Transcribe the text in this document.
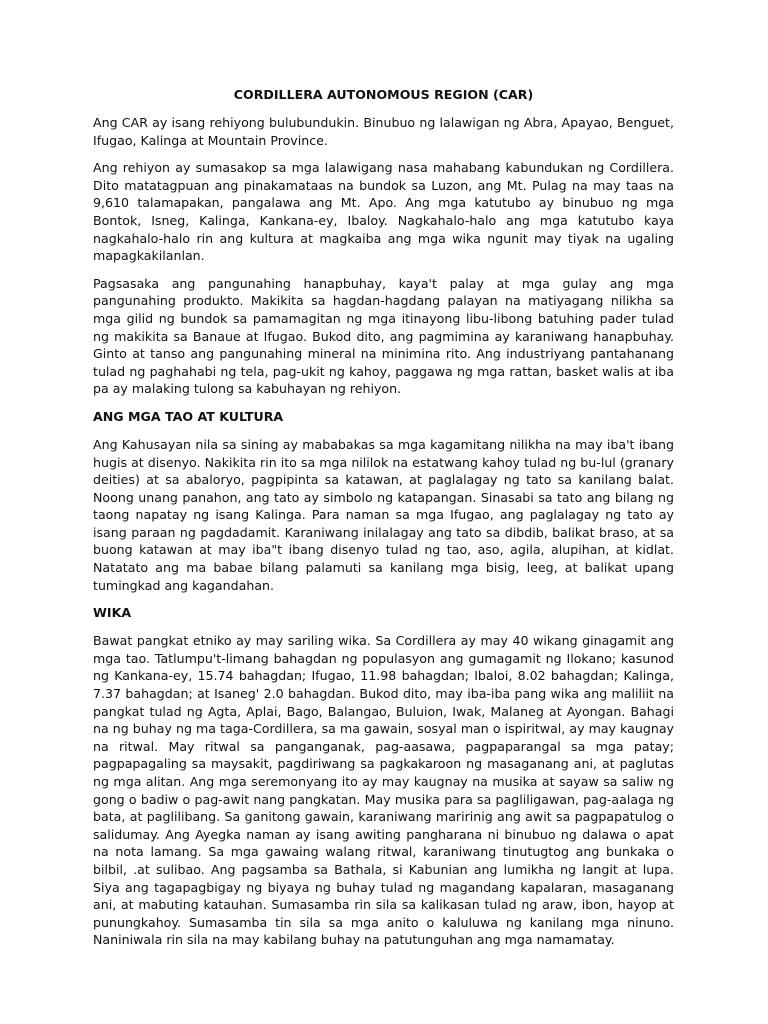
CORDILLERA AUTONOMOUS REGION (CAR)

Ang CAR ay isang rehiyong bulubundukin. Binubuo ng lalawigan ng Abra, Apayao, Benguet, Ifugao, Kalinga at Mountain Province.

Ang rehiyon ay sumasakop sa mga lalawigang nasa mahabang kabundukan ng Cordillera. Dito matatagpuan ang pinakamataas na bundok sa Luzon, ang Mt. Pulag na may taas na 9,610 talamapakan, pangalawa ang Mt. Apo. Ang mga katutubo ay binubuo ng mga Bontok, Isneg, Kalinga, Kankana-ey, Ibaloy. Nagkahalo-halo ang mga katutubo kaya nagkahalo-halo rin ang kultura at magkaiba ang mga wika ngunit may tiyak na ugaling mapagkakilanlan.

Pagsasaka ang pangunahing hanapbuhay, kaya't palay at mga gulay ang mga pangunahing produkto. Makikita sa hagdan-hagdang palayan na matiyagang nilikha sa mga gilid ng bundok sa pamamagitan ng mga itinayong libu-libong batuhing pader tulad ng makikita sa Banaue at Ifugao. Bukod dito, ang pagmimina ay karaniwang hanapbuhay. Ginto at tanso ang pangunahing mineral na minimina rito. Ang industriyang pantahanang tulad ng paghahabi ng tela, pag-ukit ng kahoy, paggawa ng mga rattan, basket walis at iba pa ay malaking tulong sa kabuhayan ng rehiyon.

ANG MGA TAO AT KULTURA

Ang Kahusayan nila sa sining ay mababakas sa mga kagamitang nilikha na may iba't ibang hugis at disenyo. Nakikita rin ito sa mga nililok na estatwang kahoy tulad ng bu-lul (granary deities) at sa abaloryo, pagpipinta sa katawan, at paglalagay ng tato sa kanilang balat. Noong unang panahon, ang tato ay simbolo ng katapangan. Sinasabi sa tato ang bilang ng taong napatay ng isang Kalinga. Para naman sa mga Ifugao, ang paglalagay ng tato ay isang paraan ng pagdadamit. Karaniwang inilalagay ang tato sa dibdib, balikat braso, at sa buong katawan at may iba"t ibang disenyo tulad ng tao, aso, agila, alupihan, at kidlat. Natatato ang ma babae bilang palamuti sa kanilang mga bisig, leeg, at balikat upang tumingkad ang kagandahan.

WIKA

Bawat pangkat etniko ay may sariling wika. Sa Cordillera ay may 40 wikang ginagamit ang mga tao. Tatlumpu't-limang bahagdan ng populasyon ang gumagamit ng Ilokano; kasunod ng Kankana-ey, 15.74 bahagdan; Ifugao, 11.98 bahagdan; Ibaloi, 8.02 bahagdan; Kalinga, 7.37 bahagdan; at Isaneg' 2.0 bahagdan. Bukod dito, may iba-iba pang wika ang maliliit na pangkat tulad ng Agta, Aplai, Bago, Balangao, Buluion, Iwak, Malaneg at Ayongan. Bahagi na ng buhay ng ma taga-Cordillera, sa ma gawain, sosyal man o ispiritwal, ay may kaugnay na ritwal. May ritwal sa panganganak, pag-aasawa, pagpaparangal sa mga patay; pagpapagaling sa maysakit, pagdiriwang sa pagkakaroon ng masaganang ani, at paglutas ng mga alitan. Ang mga seremonyang ito ay may kaugnay na musika at sayaw sa saliw ng gong o badiw o pag-awit nang pangkatan. May musika para sa pagliligawan, pag-aalaga ng bata, at paglilibang. Sa ganitong gawain, karaniwang maririnig ang awit sa pagpapatulog o salidumay. Ang Ayegka naman ay isang awiting pangharana ni binubuo ng dalawa o apat na nota lamang. Sa mga gawaing walang ritwal, karaniwang tinutugtog ang bunkaka o bilbil, .at sulibao. Ang pagsamba sa Bathala, si Kabunian ang lumikha ng langit at lupa. Siya ang tagapagbigay ng biyaya ng buhay tulad ng magandang kapalaran, masaganang ani, at mabuting katauhan. Sumasamba rin sila sa kalikasan tulad ng araw, ibon, hayop at punungkahoy. Sumasamba tin sila sa mga anito o kaluluwa ng kanilang mga ninuno. Naniniwala rin sila na may kabilang buhay na patutunguhan ang mga namamatay.
